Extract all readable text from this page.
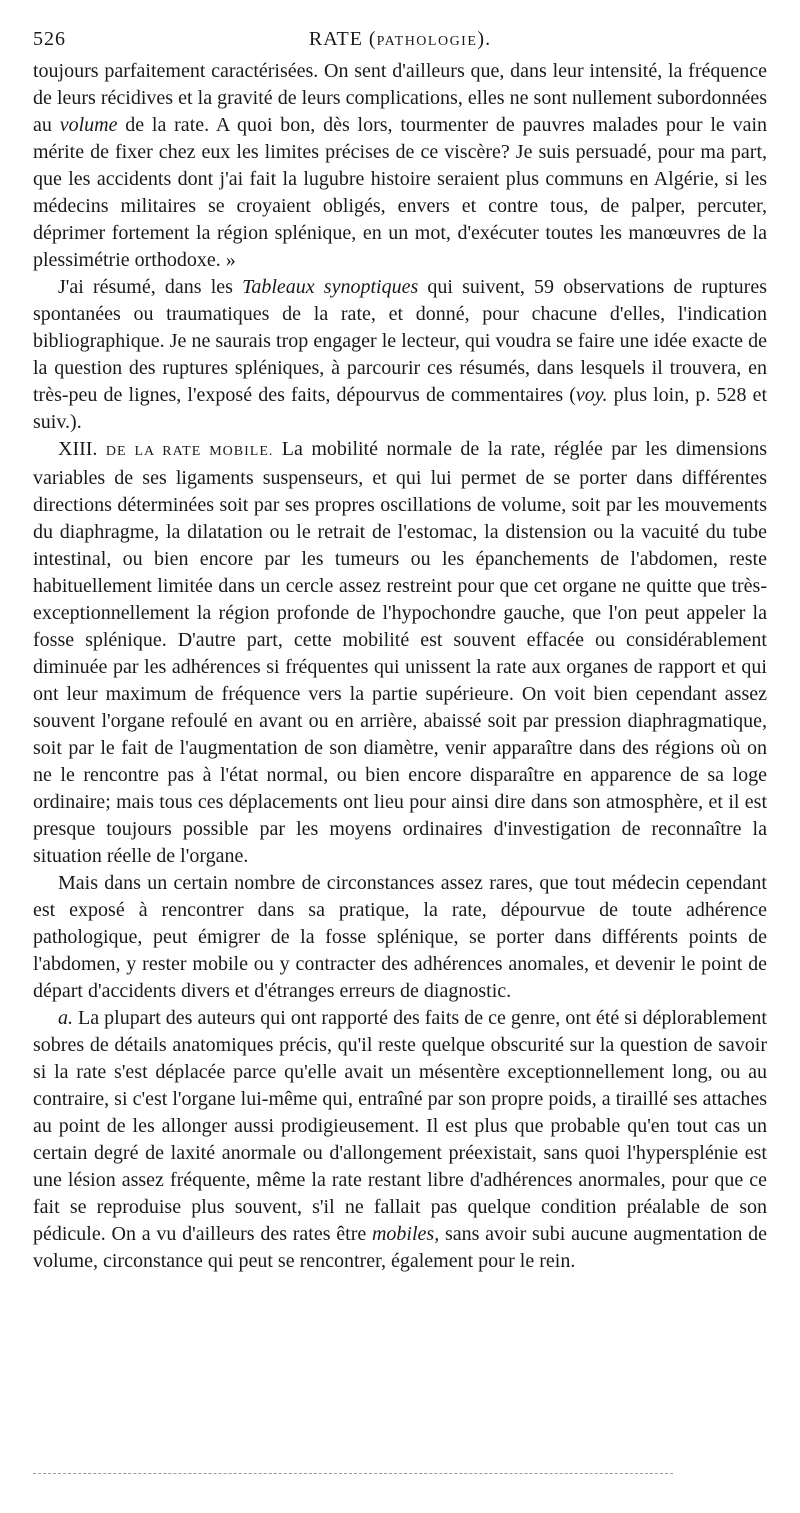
526	RATE (PATHOLOGIE).

toujours parfaitement caractérisées. On sent d'ailleurs que, dans leur intensité, la fréquence de leurs récidives et la gravité de leurs complications, elles ne sont nullement subordonnées au volume de la rate. A quoi bon, dès lors, tourmenter de pauvres malades pour le vain mérite de fixer chez eux les limites précises de ce viscère? Je suis persuadé, pour ma part, que les accidents dont j'ai fait la lugubre histoire seraient plus communs en Algérie, si les médecins militaires se croyaient obligés, envers et contre tous, de palper, percuter, déprimer fortement la région splénique, en un mot, d'exécuter toutes les manœuvres de la plessimétrie orthodoxe. »

J'ai résumé, dans les Tableaux synoptiques qui suivent, 59 observations de ruptures spontanées ou traumatiques de la rate, et donné, pour chacune d'elles, l'indication bibliographique. Je ne saurais trop engager le lecteur, qui voudra se faire une idée exacte de la question des ruptures spléniques, à parcourir ces résumés, dans lesquels il trouvera, en très-peu de lignes, l'exposé des faits, dépourvus de commentaires (voy. plus loin, p. 528 et suiv.).

XIII. DE LA RATE MOBILE. La mobilité normale de la rate, réglée par les dimensions variables de ses ligaments suspenseurs, et qui lui permet de se porter dans différentes directions déterminées soit par ses propres oscillations de volume, soit par les mouvements du diaphragme, la dilatation ou le retrait de l'estomac, la distension ou la vacuité du tube intestinal, ou bien encore par les tumeurs ou les épanchements de l'abdomen, reste habituellement limitée dans un cercle assez restreint pour que cet organe ne quitte que très-exceptionnellement la région profonde de l'hypochondre gauche, que l'on peut appeler la fosse splénique. D'autre part, cette mobilité est souvent effacée ou considérablement diminuée par les adhérences si fréquentes qui unissent la rate aux organes de rapport et qui ont leur maximum de fréquence vers la partie supérieure. On voit bien cependant assez souvent l'organe refoulé en avant ou en arrière, abaissé soit par pression diaphragmatique, soit par le fait de l'augmentation de son diamètre, venir apparaître dans des régions où on ne le rencontre pas à l'état normal, ou bien encore disparaître en apparence de sa loge ordinaire; mais tous ces déplacements ont lieu pour ainsi dire dans son atmosphère, et il est presque toujours possible par les moyens ordinaires d'investigation de reconnaître la situation réelle de l'organe.

Mais dans un certain nombre de circonstances assez rares, que tout médecin cependant est exposé à rencontrer dans sa pratique, la rate, dépourvue de toute adhérence pathologique, peut émigrer de la fosse splénique, se porter dans différents points de l'abdomen, y rester mobile ou y contracter des adhérences anomales, et devenir le point de départ d'accidents divers et d'étranges erreurs de diagnostic.

a. La plupart des auteurs qui ont rapporté des faits de ce genre, ont été si déplorablement sobres de détails anatomiques précis, qu'il reste quelque obscurité sur la question de savoir si la rate s'est déplacée parce qu'elle avait un mésentère exceptionnellement long, ou au contraire, si c'est l'organe lui-même qui, entraîné par son propre poids, a tiraillé ses attaches au point de les allonger aussi prodigieusement. Il est plus que probable qu'en tout cas un certain degré de laxité anormale ou d'allongement préexistait, sans quoi l'hypersplénie est une lésion assez fréquente, même la rate restant libre d'adhérences anormales, pour que ce fait se reproduise plus souvent, s'il ne fallait pas quelque condition préalable de son pédicule. On a vu d'ailleurs des rates être mobiles, sans avoir subi aucune augmentation de volume, circonstance qui peut se rencontrer, également pour le rein.
